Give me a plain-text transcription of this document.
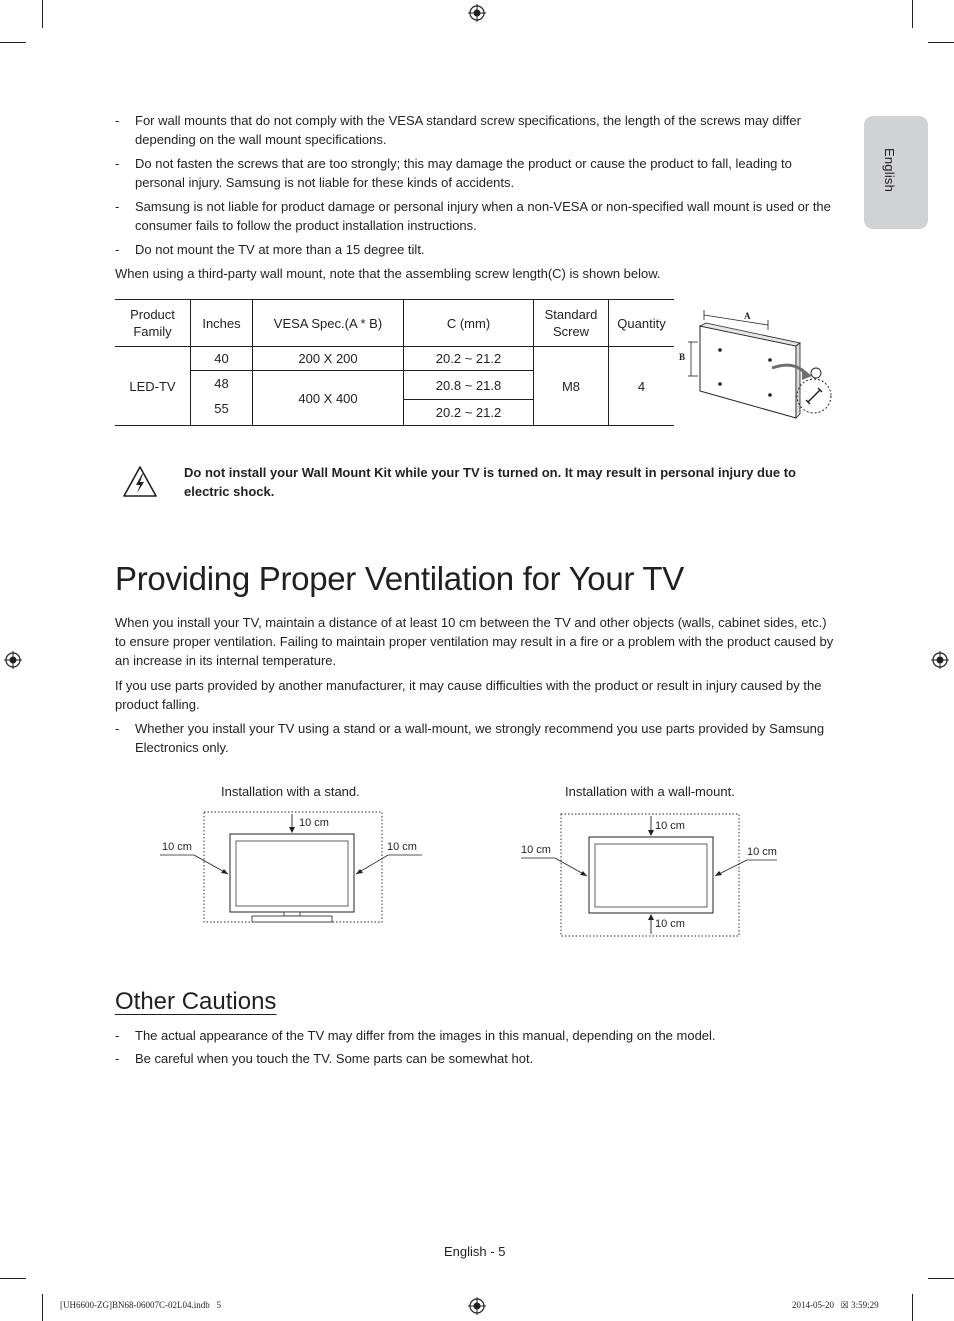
English
-	For wall mounts that do not comply with the VESA standard screw specifications, the length of the screws may differ depending on the wall mount specifications.
-	Do not fasten the screws that are too strongly; this may damage the product or cause the product to fall, leading to personal injury. Samsung is not liable for these kinds of accidents.
-	Samsung is not liable for product damage or personal injury when a non-VESA or non-specified wall mount is used or the consumer fails to follow the product installation instructions.
-	Do not mount the TV at more than a 15 degree tilt.
When using a third-party wall mount, note that the assembling screw length(C) is shown below.
Product Family	Inches	VESA Spec.(A * B)	C (mm)	Standard Screw	Quantity
LED-TV	40	200 X 200	20.2 ~ 21.2	M8	4
	48	400 X 400	20.8 ~ 21.8		
	55		20.2 ~ 21.2		
A
B
Do not install your Wall Mount Kit while your TV is turned on. It may result in personal injury due to electric shock.
Providing Proper Ventilation for Your TV
When you install your TV, maintain a distance of at least 10 cm between the TV and other objects (walls, cabinet sides, etc.) to ensure proper ventilation. Failing to maintain proper ventilation may result in a fire or a problem with the product caused by an increase in its internal temperature.
If you use parts provided by another manufacturer, it may cause difficulties with the product or result in injury caused by the product falling.
-	Whether you install your TV using a stand or a wall-mount, we strongly recommend you use parts provided by Samsung Electronics only.
Installation with a stand.
10 cm
10 cm	10 cm
Installation with a wall-mount.
10 cm
10 cm	10 cm
10 cm
Other Cautions
-	The actual appearance of the TV may differ from the images in this manual, depending on the model.
-	Be careful when you touch the TV. Some parts can be somewhat hot.
English - 5
[UH6600-ZG]BN68-06007C-02L04.indb   5	2014-05-20   ☒ 3:59:29
